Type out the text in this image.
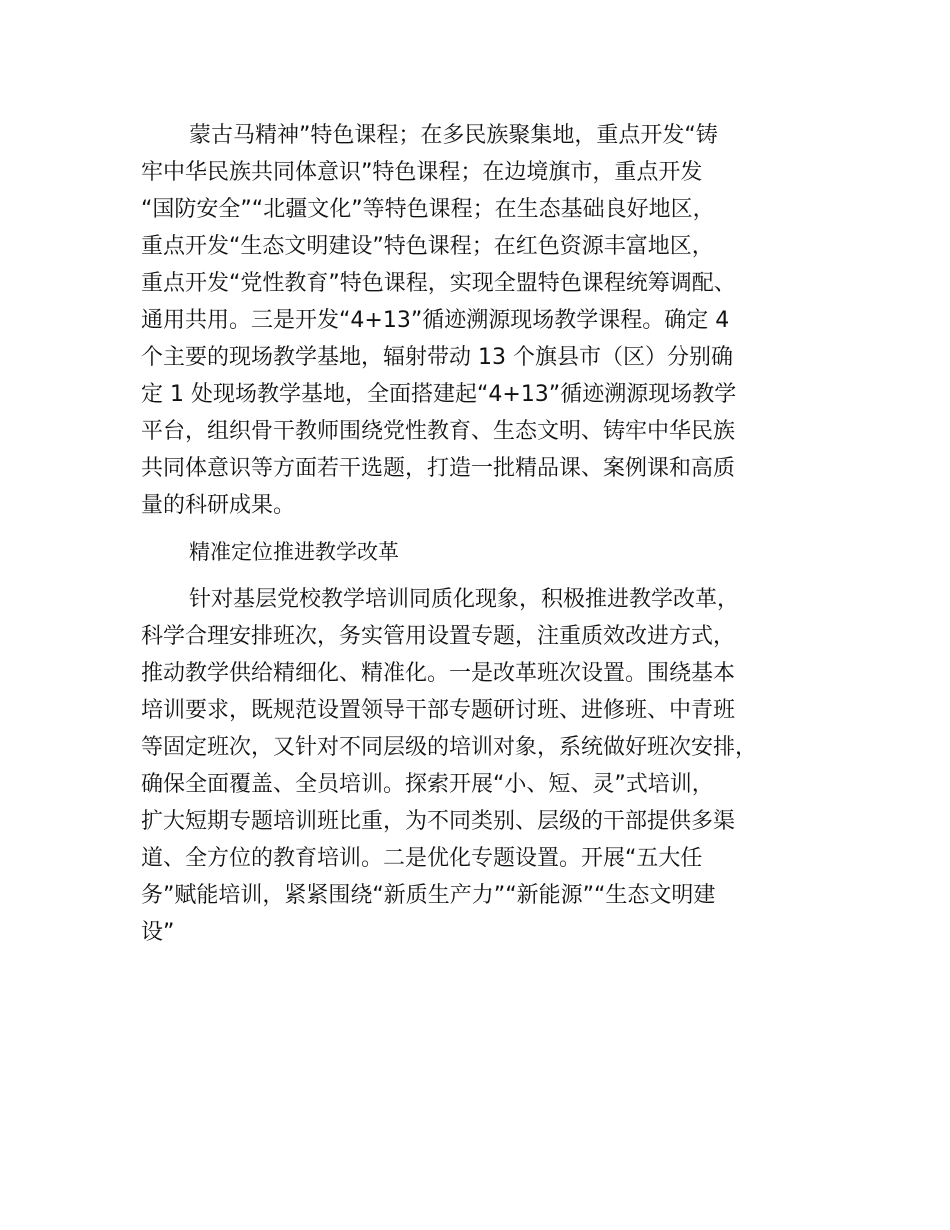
蒙古马精神”特色课程；在多民族聚集地，重点开发“铸
牢中华民族共同体意识”特色课程；在边境旗市，重点开发
“国防安全”“北疆文化”等特色课程；在生态基础良好地区，
重点开发“生态文明建设”特色课程；在红色资源丰富地区，
重点开发“党性教育”特色课程，实现全盟特色课程统筹调配、
通用共用。三是开发“4+13”循迹溯源现场教学课程。确定 4
个主要的现场教学基地，辐射带动 13 个旗县市（区）分别确
定 1 处现场教学基地，全面搭建起“4+13”循迹溯源现场教学
平台，组织骨干教师围绕党性教育、生态文明、铸牢中华民族
共同体意识等方面若干选题，打造一批精品课、案例课和高质
量的科研成果。
精准定位推进教学改革
针对基层党校教学培训同质化现象，积极推进教学改革，
科学合理安排班次，务实管用设置专题，注重质效改进方式，
推动教学供给精细化、精准化。一是改革班次设置。围绕基本
培训要求，既规范设置领导干部专题研讨班、进修班、中青班
等固定班次，又针对不同层级的培训对象，系统做好班次安排，
确保全面覆盖、全员培训。探索开展“小、短、灵”式培训，
扩大短期专题培训班比重，为不同类别、层级的干部提供多渠
道、全方位的教育培训。二是优化专题设置。开展“五大任
务”赋能培训，紧紧围绕“新质生产力”“新能源”“生态文明建
设”
